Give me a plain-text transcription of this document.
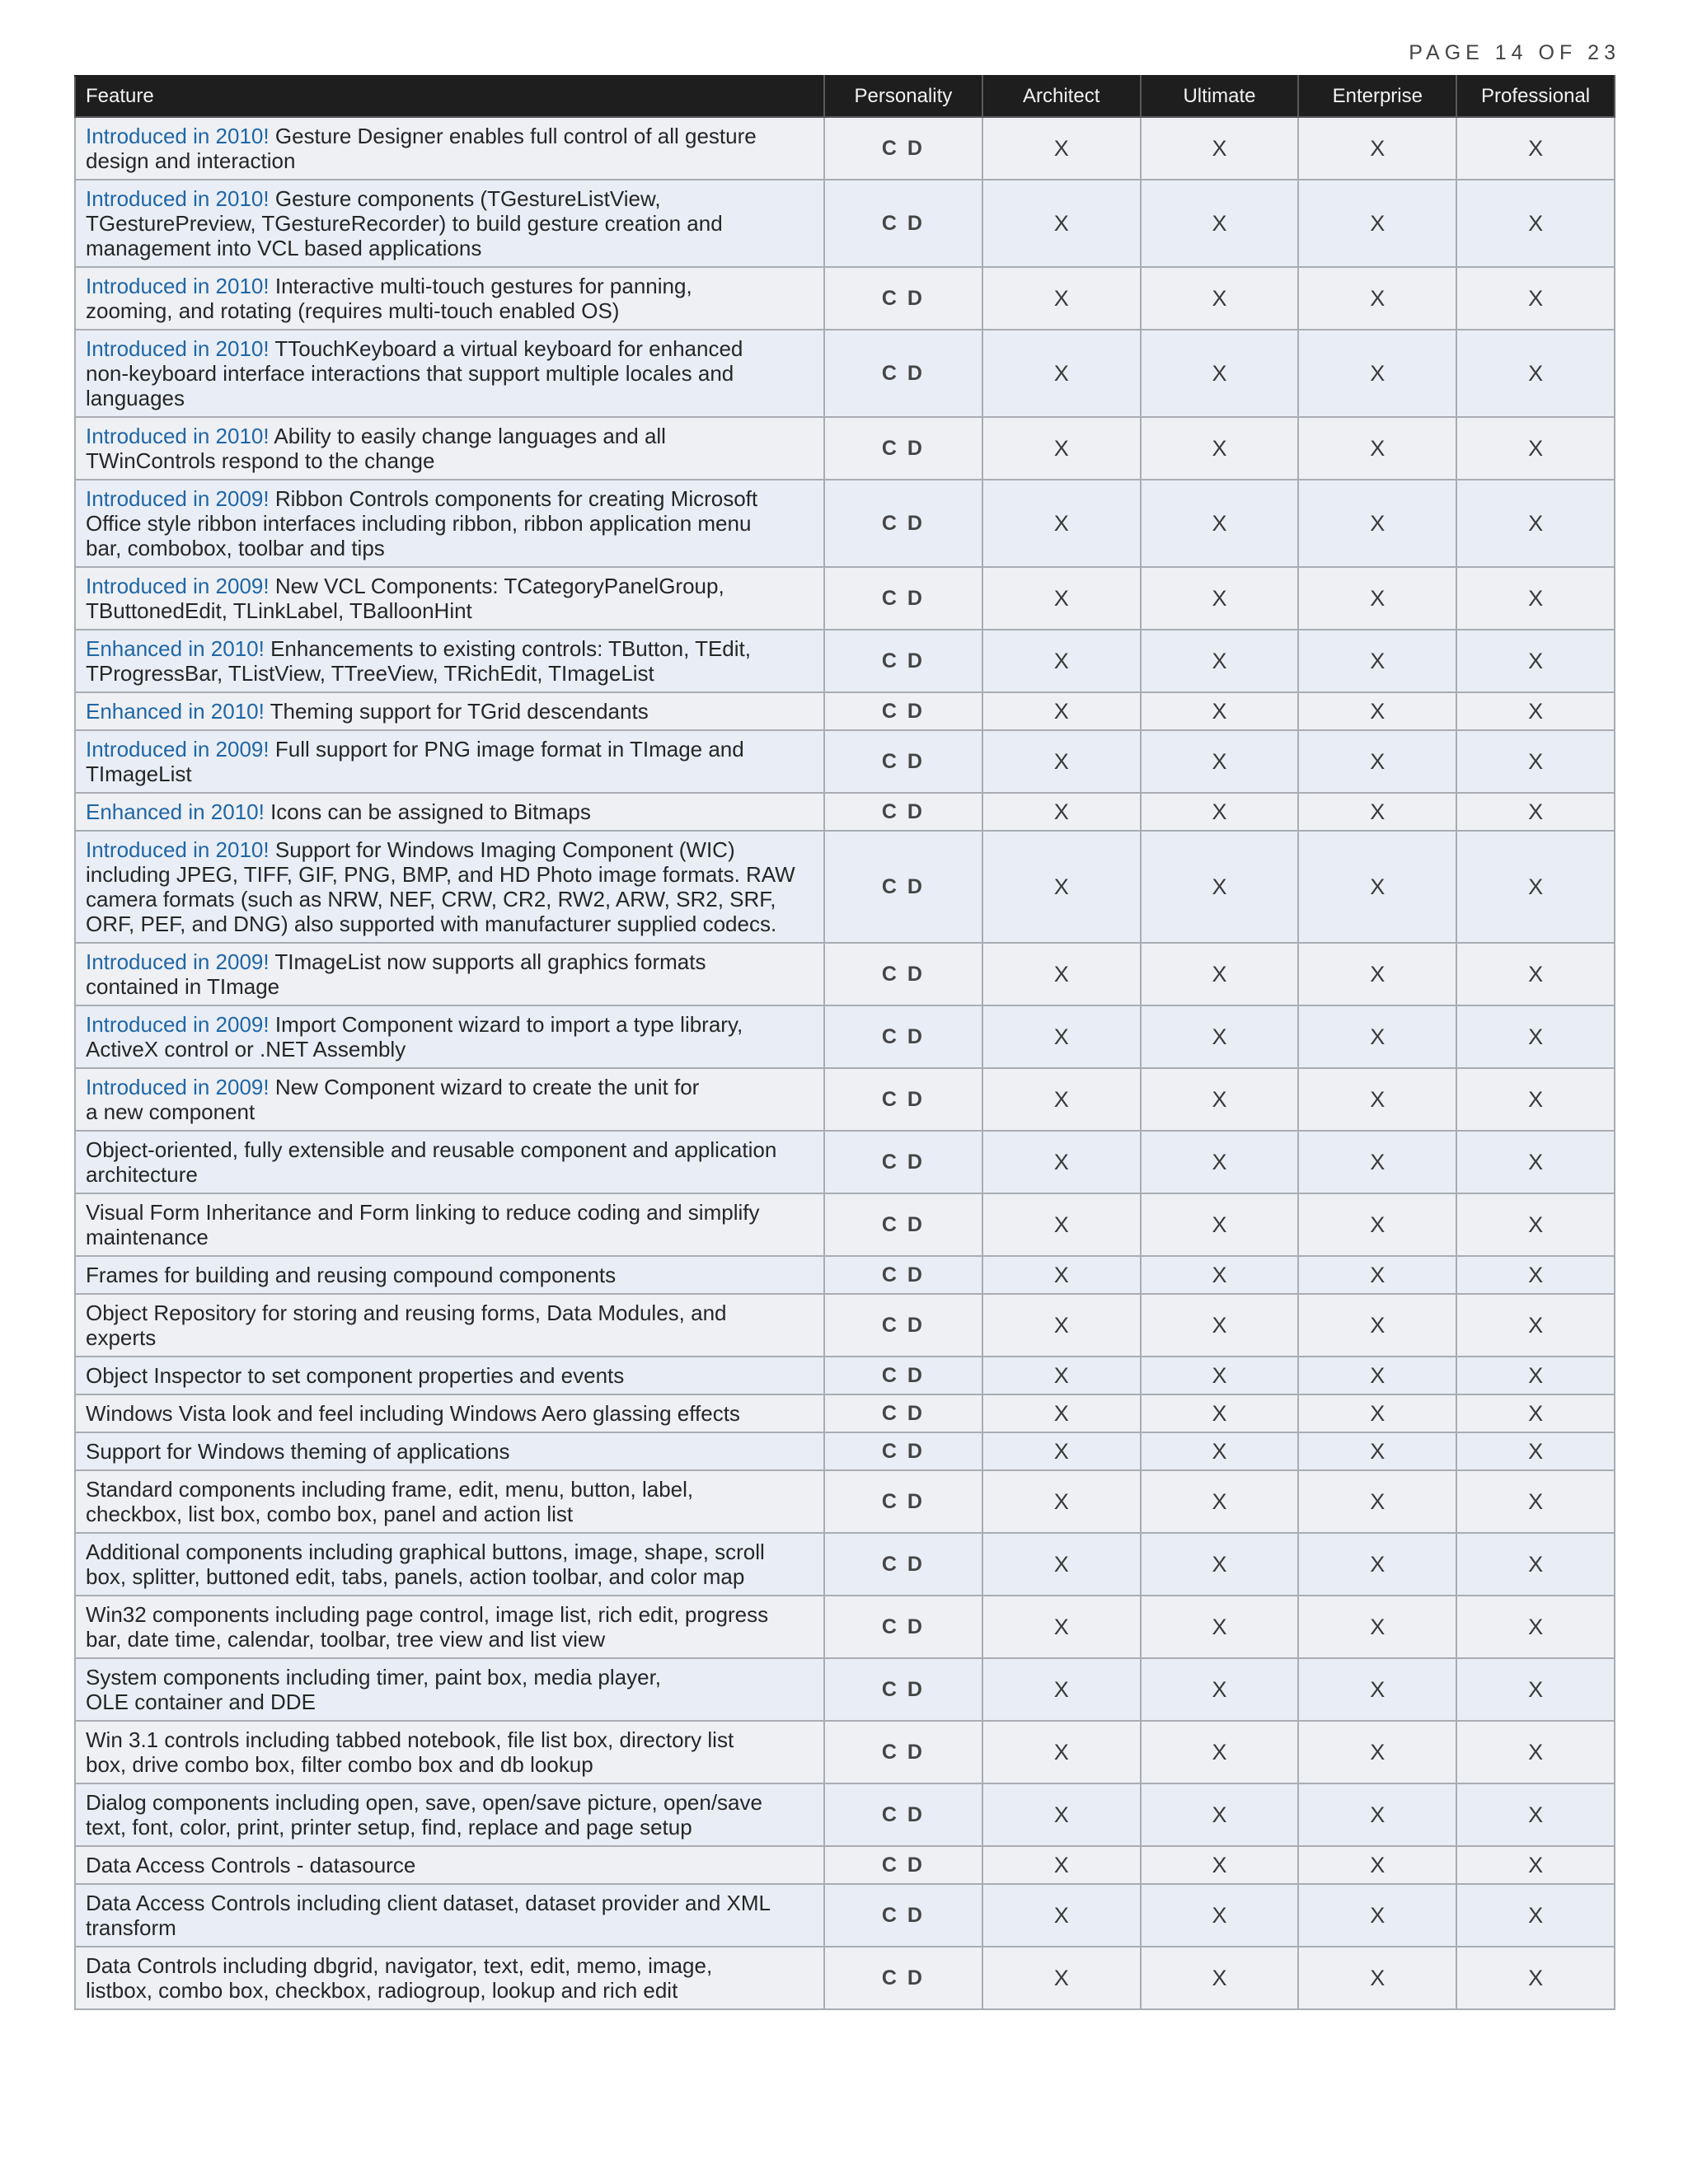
PAGE 14 OF 23
Feature	Personality	Architect	Ultimate	Enterprise	Professional
Introduced in 2010! Gesture Designer enables full control of all gesture
design and interaction	C D	X	X	X	X
Introduced in 2010! Gesture components (TGestureListView,
TGesturePreview, TGestureRecorder) to build gesture creation and
management into VCL based applications	C D	X	X	X	X
Introduced in 2010! Interactive multi-touch gestures for panning,
zooming, and rotating (requires multi-touch enabled OS)	C D	X	X	X	X
Introduced in 2010! TTouchKeyboard a virtual keyboard for enhanced
non-keyboard interface interactions that support multiple locales and
languages	C D	X	X	X	X
Introduced in 2010! Ability to easily change languages and all
TWinControls respond to the change	C D	X	X	X	X
Introduced in 2009! Ribbon Controls components for creating Microsoft
Office style ribbon interfaces including ribbon, ribbon application menu
bar, combobox, toolbar and tips	C D	X	X	X	X
Introduced in 2009! New VCL Components: TCategoryPanelGroup,
TButtonedEdit, TLinkLabel, TBalloonHint	C D	X	X	X	X
Enhanced in 2010! Enhancements to existing controls: TButton, TEdit,
TProgressBar, TListView, TTreeView, TRichEdit, TImageList	C D	X	X	X	X
Enhanced in 2010! Theming support for TGrid descendants	C D	X	X	X	X
Introduced in 2009! Full support for PNG image format in TImage and
TImageList	C D	X	X	X	X
Enhanced in 2010! Icons can be assigned to Bitmaps	C D	X	X	X	X
Introduced in 2010! Support for Windows Imaging Component (WIC)
including JPEG, TIFF, GIF, PNG, BMP, and HD Photo image formats. RAW
camera formats (such as NRW, NEF, CRW, CR2, RW2, ARW, SR2, SRF,
ORF, PEF, and DNG) also supported with manufacturer supplied codecs.	C D	X	X	X	X
Introduced in 2009! TImageList now supports all graphics formats
contained in TImage	C D	X	X	X	X
Introduced in 2009! Import Component wizard to import a type library,
ActiveX control or .NET Assembly	C D	X	X	X	X
Introduced in 2009! New Component wizard to create the unit for
a new component	C D	X	X	X	X
Object-oriented, fully extensible and reusable component and application
architecture	C D	X	X	X	X
Visual Form Inheritance and Form linking to reduce coding and simplify
maintenance	C D	X	X	X	X
Frames for building and reusing compound components	C D	X	X	X	X
Object Repository for storing and reusing forms, Data Modules, and
experts	C D	X	X	X	X
Object Inspector to set component properties and events	C D	X	X	X	X
Windows Vista look and feel including Windows Aero glassing effects	C D	X	X	X	X
Support for Windows theming of applications	C D	X	X	X	X
Standard components including frame, edit, menu, button, label,
checkbox, list box, combo box, panel and action list	C D	X	X	X	X
Additional components including graphical buttons, image, shape, scroll
box, splitter, buttoned edit, tabs, panels, action toolbar, and color map	C D	X	X	X	X
Win32 components including page control, image list, rich edit, progress
bar, date time, calendar, toolbar, tree view and list view	C D	X	X	X	X
System components including timer, paint box, media player,
OLE container and DDE	C D	X	X	X	X
Win 3.1 controls including tabbed notebook, file list box, directory list
box, drive combo box, filter combo box and db lookup	C D	X	X	X	X
Dialog components including open, save, open/save picture, open/save
text, font, color, print, printer setup, find, replace and page setup	C D	X	X	X	X
Data Access Controls - datasource	C D	X	X	X	X
Data Access Controls including client dataset, dataset provider and XML
transform	C D	X	X	X	X
Data Controls including dbgrid, navigator, text, edit, memo, image,
listbox, combo box, checkbox, radiogroup, lookup and rich edit	C D	X	X	X	X
